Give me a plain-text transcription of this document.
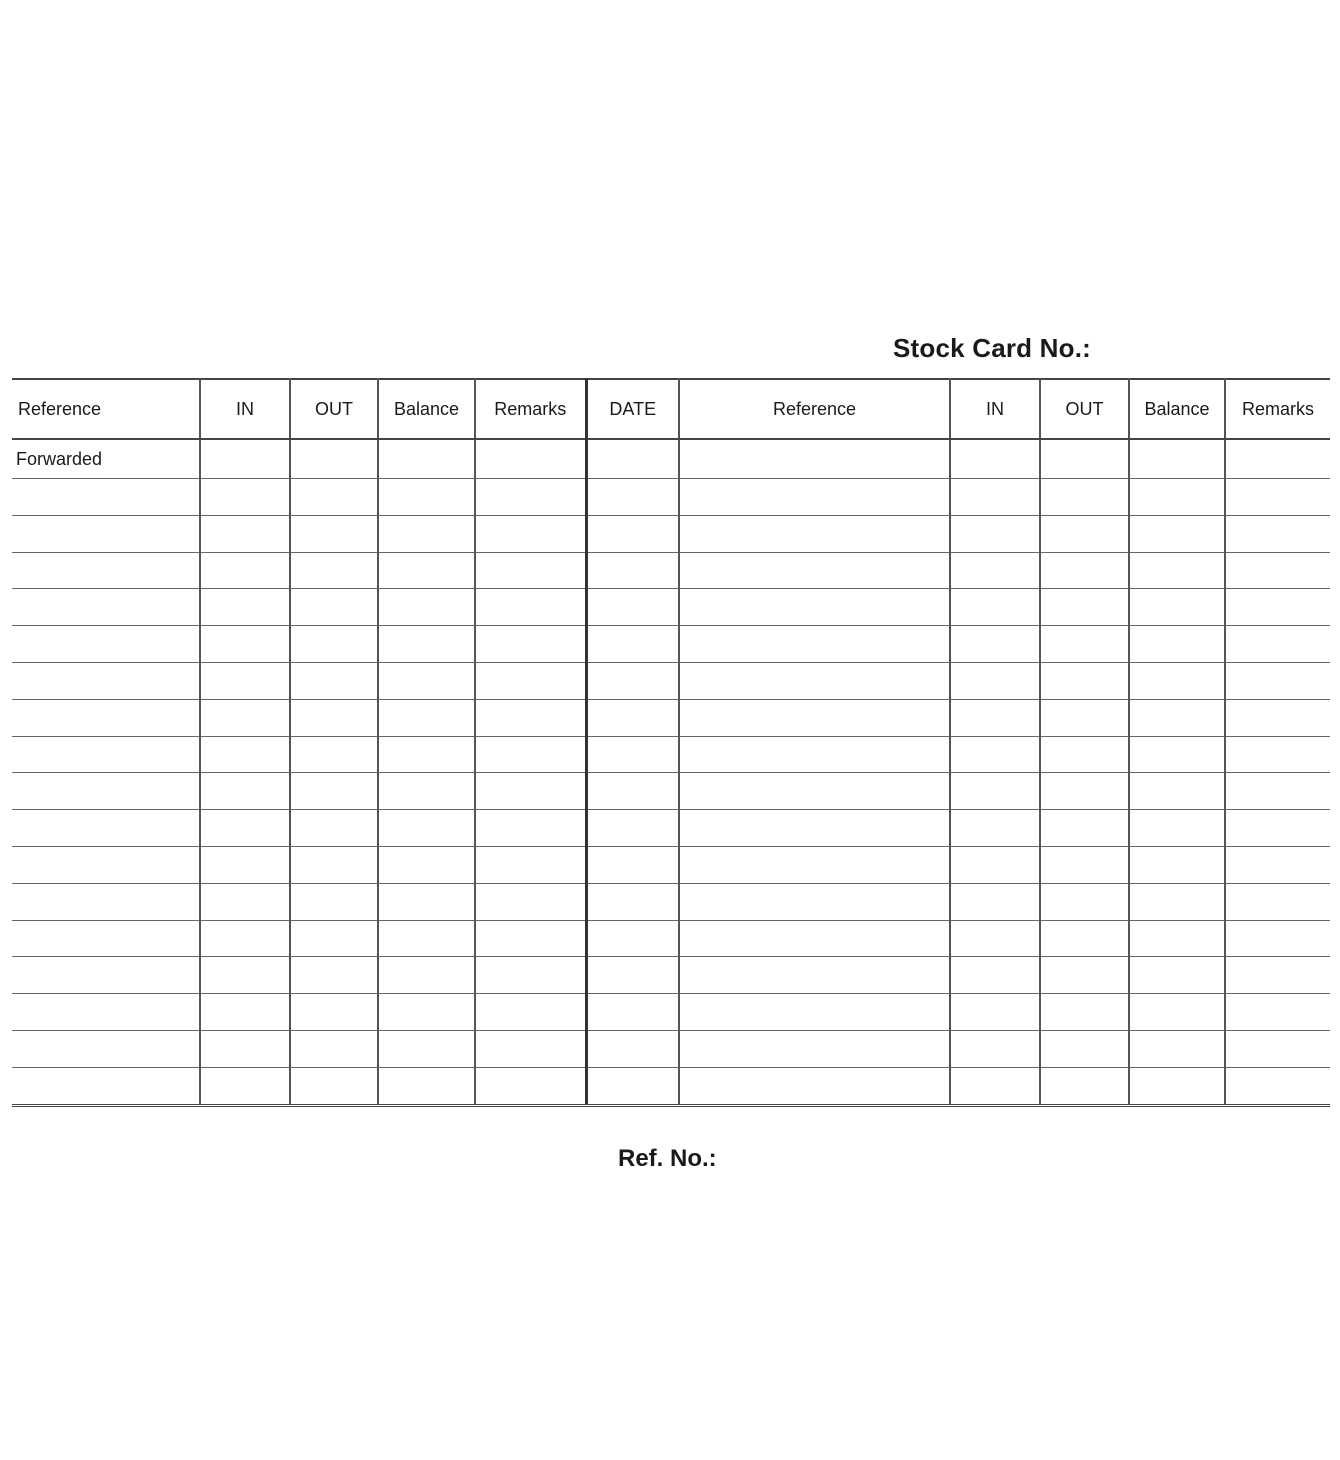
Stock Card No.:
Reference	IN	OUT	Balance	Remarks	DATE	Reference	IN	OUT	Balance	Remarks
Forwarded										

Ref. No.:
